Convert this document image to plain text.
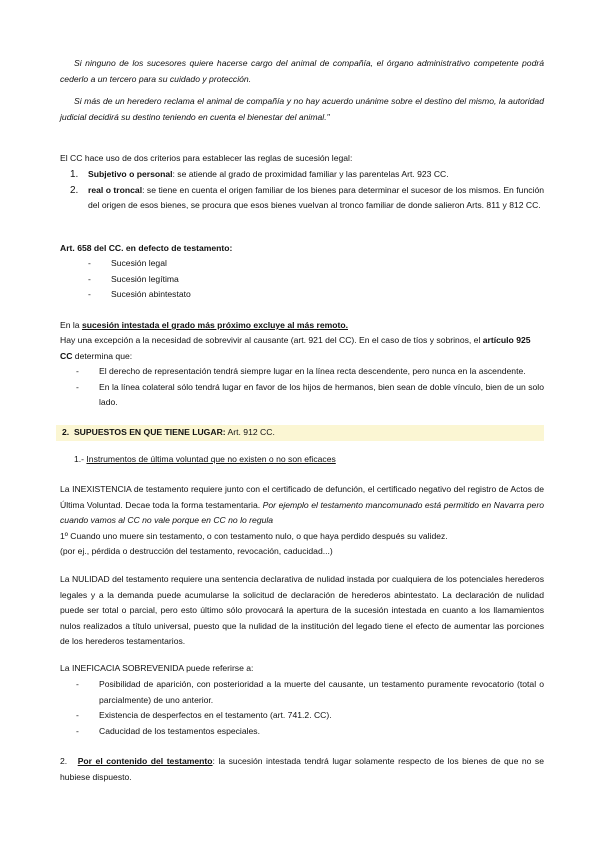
Si ninguno de los sucesores quiere hacerse cargo del animal de compañía, el órgano administrativo competente podrá cederlo a un tercero para su cuidado y protección.

Si más de un heredero reclama el animal de compañía y no hay acuerdo unánime sobre el destino del mismo, la autoridad judicial decidirá su destino teniendo en cuenta el bienestar del animal."

El CC hace uso de dos criterios para establecer las reglas de sucesión legal:

1. Subjetivo o personal: se atiende al grado de proximidad familiar y las parentelas Art. 923 CC.
2. real o troncal: se tiene en cuenta el origen familiar de los bienes para determinar el sucesor de los mismos. En función del origen de esos bienes, se procura que esos bienes vuelvan al tronco familiar de donde salieron Arts. 811 y 812 CC.

Art. 658 del CC. en defecto de testamento:

- Sucesión legal
- Sucesión legítima
- Sucesión abintestato

En la sucesión intestada el grado más próximo excluye al más remoto.

Hay una excepción a la necesidad de sobrevivir al causante (art. 921 del CC). En el caso de tíos y sobrinos, el artículo 925 CC determina que:

- El derecho de representación tendrá siempre lugar en la línea recta descendente, pero nunca en la ascendente.
- En la línea colateral sólo tendrá lugar en favor de los hijos de hermanos, bien sean de doble vínculo, bien de un solo lado.

2. SUPUESTOS EN QUE TIENE LUGAR: Art. 912 CC.

1.- Instrumentos de última voluntad que no existen o no son eficaces

La INEXISTENCIA de testamento requiere junto con el certificado de defunción, el certificado negativo del registro de Actos de Última Voluntad. Decae toda la forma testamentaria. Por ejemplo el testamento mancomunado está permitido en Navarra pero cuando vamos al CC no vale porque en CC no lo regula

1º Cuando uno muere sin testamento, o con testamento nulo, o que haya perdido después su validez.

(por ej., pérdida o destrucción del testamento, revocación, caducidad...)

La NULIDAD del testamento requiere una sentencia declarativa de nulidad instada por cualquiera de los potenciales herederos legales y a la demanda puede acumularse la solicitud de declaración de herederos abintestato. La declaración de nulidad puede ser total o parcial, pero esto último sólo provocará la apertura de la sucesión intestada en cuanto a los llamamientos nulos realizados a título universal, puesto que la nulidad de la institución del legado tiene el efecto de aumentar las porciones de los herederos testamentarios.

La INEFICACIA SOBREVENIDA puede referirse a:

- Posibilidad de aparición, con posterioridad a la muerte del causante, un testamento puramente revocatorio (total o parcialmente) de uno anterior.
- Existencia de desperfectos en el testamento (art. 741.2. CC).
- Caducidad de los testamentos especiales.

2. Por el contenido del testamento: la sucesión intestada tendrá lugar solamente respecto de los bienes de que no se hubiese dispuesto.
